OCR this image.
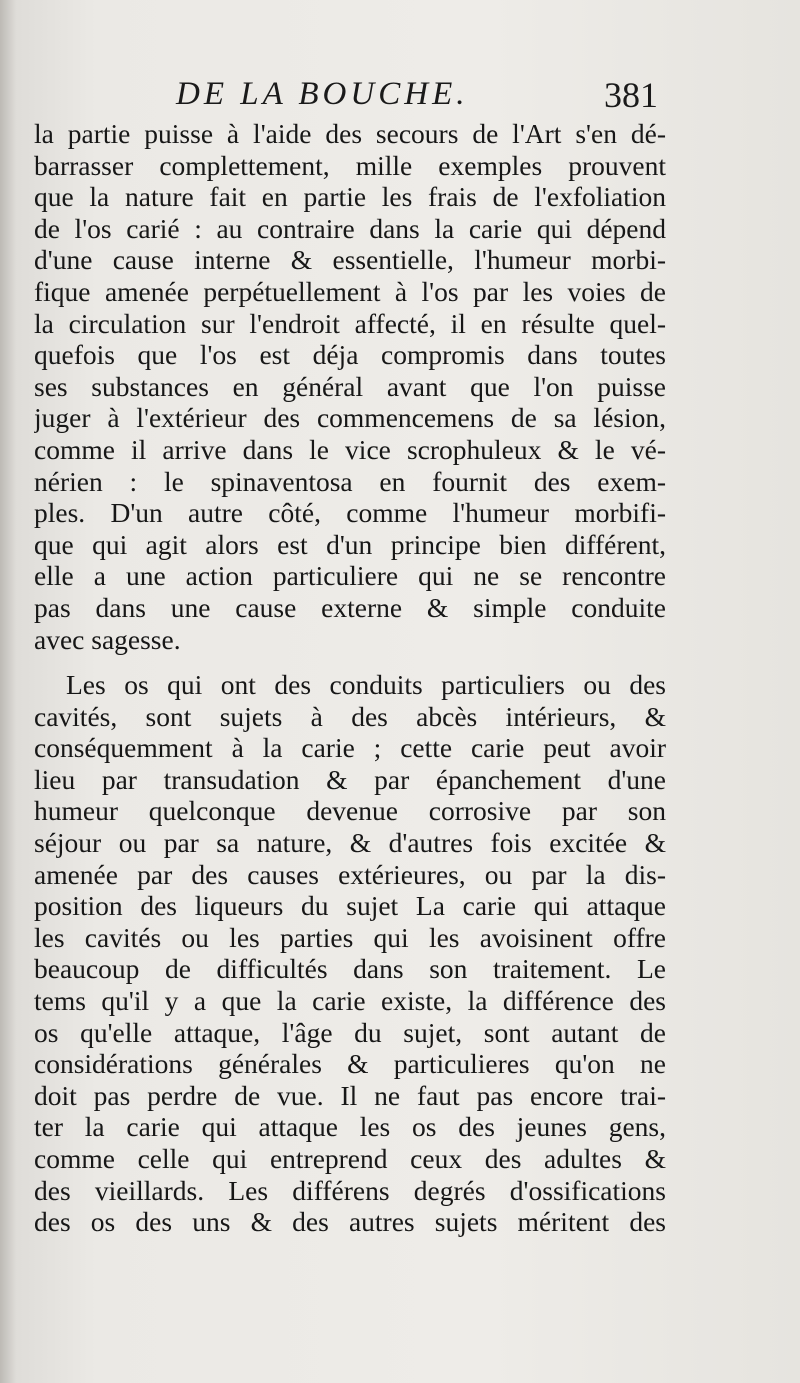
DE LA BOUCHE.	381
la partie puisse à l'aide des secours de l'Art s'en dé-
barrasser complettement, mille exemples prouvent
que la nature fait en partie les frais de l'exfoliation
de l'os carié : au contraire dans la carie qui dépend
d'une cause interne & essentielle, l'humeur morbi-
fique amenée perpétuellement à l'os par les voies de
la circulation sur l'endroit affecté, il en résulte quel-
quefois que l'os est déja compromis dans toutes
ses substances en général avant que l'on puisse
juger à l'extérieur des commencemens de sa lésion,
comme il arrive dans le vice scrophuleux & le vé-
nérien : le spinaventosa en fournit des exem-
ples. D'un autre côté, comme l'humeur morbifi-
que qui agit alors est d'un principe bien différent,
elle a une action particuliere qui ne se rencontre
pas dans une cause externe & simple conduite
avec sagesse.
Les os qui ont des conduits particuliers ou des
cavités, sont sujets à des abcès intérieurs, &
conséquemment à la carie ; cette carie peut avoir
lieu par transudation & par épanchement d'une
humeur quelconque devenue corrosive par son
séjour ou par sa nature, & d'autres fois excitée &
amenée par des causes extérieures, ou par la dis-
position des liqueurs du sujet La carie qui attaque
les cavités ou les parties qui les avoisinent offre
beaucoup de difficultés dans son traitement. Le
tems qu'il y a que la carie existe, la différence des
os qu'elle attaque, l'âge du sujet, sont autant de
considérations générales & particulieres qu'on ne
doit pas perdre de vue. Il ne faut pas encore trai-
ter la carie qui attaque les os des jeunes gens,
comme celle qui entreprend ceux des adultes &
des vieillards. Les différens degrés d'ossifications
des os des uns & des autres sujets méritent des
